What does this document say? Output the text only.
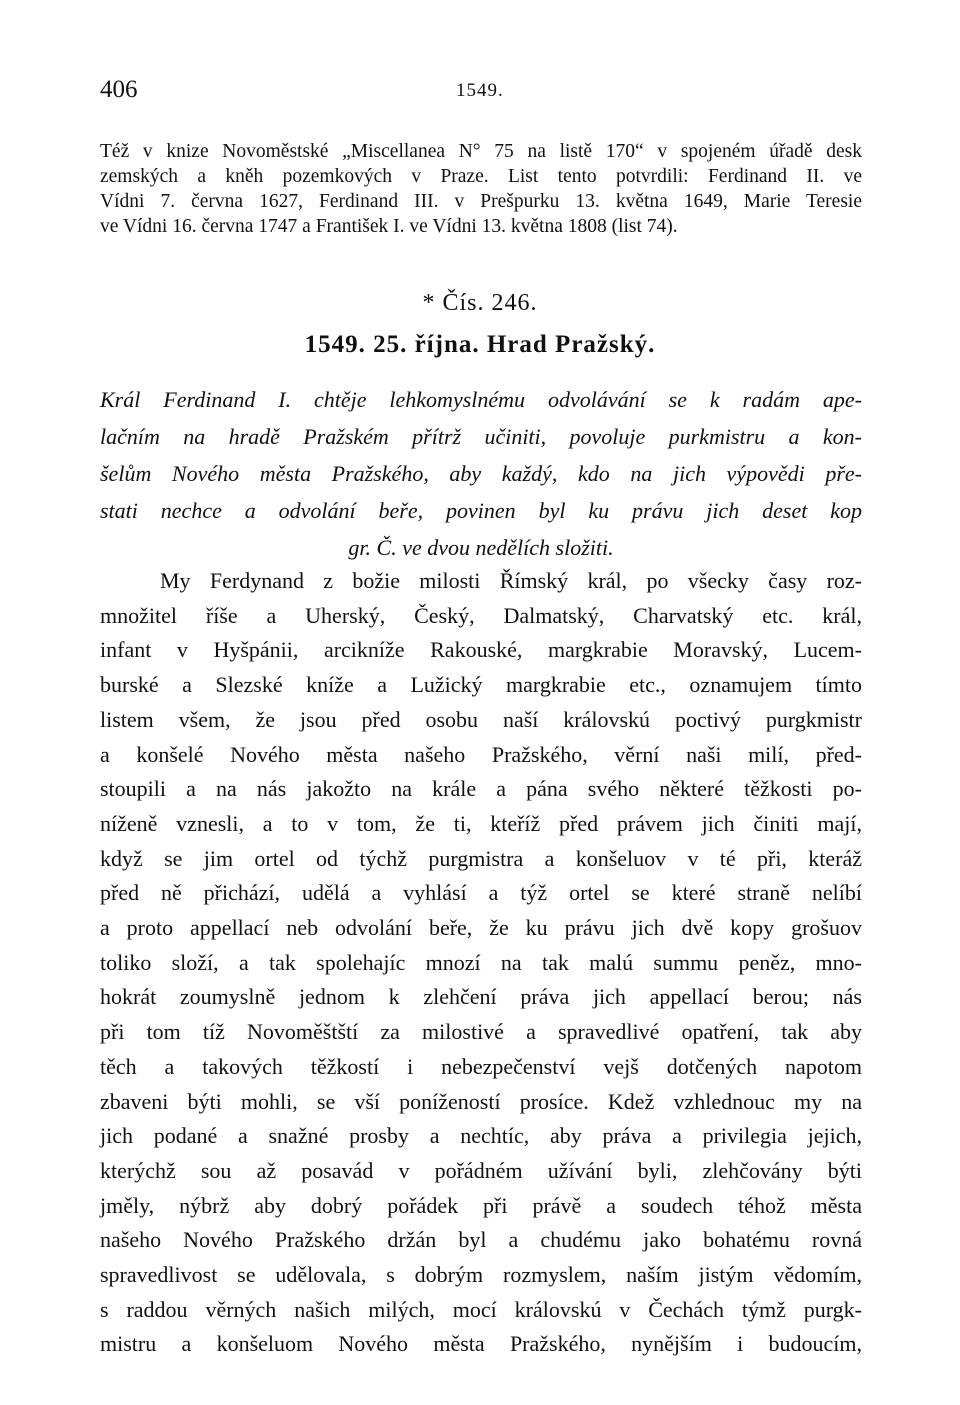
406	1549.
Též v knize Novoměstské „Miscellanea N° 75 na listě 170“ v spojeném úřadě desk
zemských a kněh pozemkových v Praze. List tento potvrdili: Ferdinand II. ve
Vídni 7. června 1627, Ferdinand III. v Prešpurku 13. května 1649, Marie Teresie
ve Vídni 16. června 1747 a František I. ve Vídni 13. května 1808 (list 74).
* Čís. 246.
1549. 25. října. Hrad Pražský.
Král Ferdinand I. chtěje lehkomyslnému odvolávání se k radám ape-
lačním na hradě Pražském přítrž učiniti, povoluje purkmistru a kon-
šelům Nového města Pražského, aby každý, kdo na jich výpovědi pře-
stati nechce a odvolání beře, povinen byl ku právu jich deset kop
gr. Č. ve dvou nedělích složiti.
My Ferdynand z božie milosti Římský král, po všecky časy roz-
množitel říše a Uherský, Český, Dalmatský, Charvatský etc. král,
infant v Hyšpánii, arcikníže Rakouské, margkrabie Moravský, Lucem-
burské a Slezské kníže a Lužický margkrabie etc., oznamujem tímto
listem všem, že jsou před osobu naší královskú poctivý purgkmistr
a konšelé Nového města našeho Pražského, věrní naši milí, před-
stoupili a na nás jakožto na krále a pána svého některé těžkosti po-
níženě vznesli, a to v tom, že ti, kteříž před právem jich činiti mají,
když se jim ortel od týchž purgmistra a konšeluov v té při, kteráž
před ně přichází, udělá a vyhlásí a týž ortel se které straně nelíbí
a proto appellací neb odvolání beře, že ku právu jich dvě kopy grošuov
toliko složí, a tak spolehajíc mnozí na tak malú summu peněz, mno-
hokrát zoumyslně jednom k zlehčení práva jich appellací berou; nás
při tom tíž Novoměštští za milostivé a spravedlivé opatření, tak aby
těch a takových těžkostí i nebezpečenství vejš dotčených napotom
zbaveni býti mohli, se vší ponížeností prosíce. Kdež vzhlednouc my na
jich podané a snažné prosby a nechtíc, aby práva a privilegia jejich,
kterýchž sou až posavád v pořádném užívání byli, zlehčovány býti
jměly, nýbrž aby dobrý pořádek při právě a soudech téhož města
našeho Nového Pražského držán byl a chudému jako bohatému rovná
spravedlivost se udělovala, s dobrým rozmyslem, naším jistým vědomím,
s raddou věrných našich milých, mocí královskú v Čechách týmž purgk-
mistru a konšeluom Nového města Pražského, nynějším i budoucím,
